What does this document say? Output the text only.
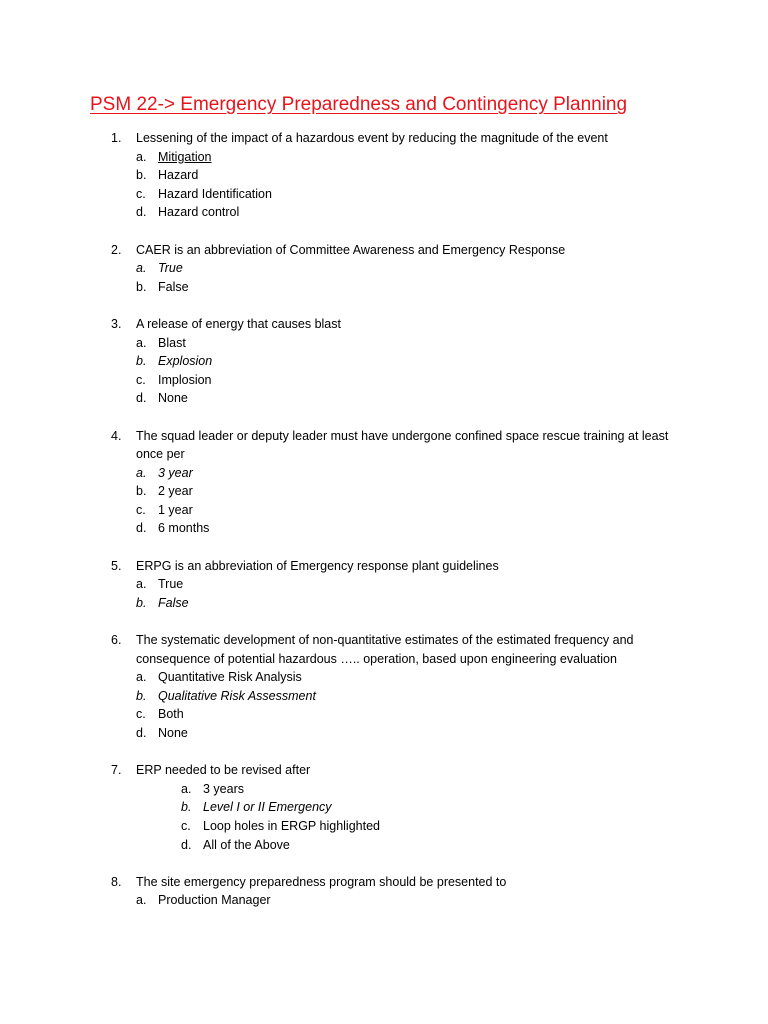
PSM 22-> Emergency Preparedness and Contingency Planning
1. Lessening of the impact of a hazardous event by reducing the magnitude of the event
a. Mitigation
b. Hazard
c. Hazard Identification
d. Hazard control
2. CAER is an abbreviation of Committee Awareness and Emergency Response
a. True
b. False
3. A release of energy that causes blast
a. Blast
b. Explosion
c. Implosion
d. None
4. The squad leader or deputy leader must have undergone confined space rescue training at least once per
a. 3 year
b. 2 year
c. 1 year
d. 6 months
5. ERPG is an abbreviation of Emergency response plant guidelines
a. True
b. False
6. The systematic development of non-quantitative estimates of the estimated frequency and consequence of potential hazardous ….. operation, based upon engineering evaluation
a. Quantitative Risk Analysis
b. Qualitative Risk Assessment
c. Both
d. None
7. ERP needed to be revised after
a. 3 years
b. Level I or II Emergency
c. Loop holes in ERGP highlighted
d. All of the Above
8. The site emergency preparedness program should be presented to
a. Production Manager
